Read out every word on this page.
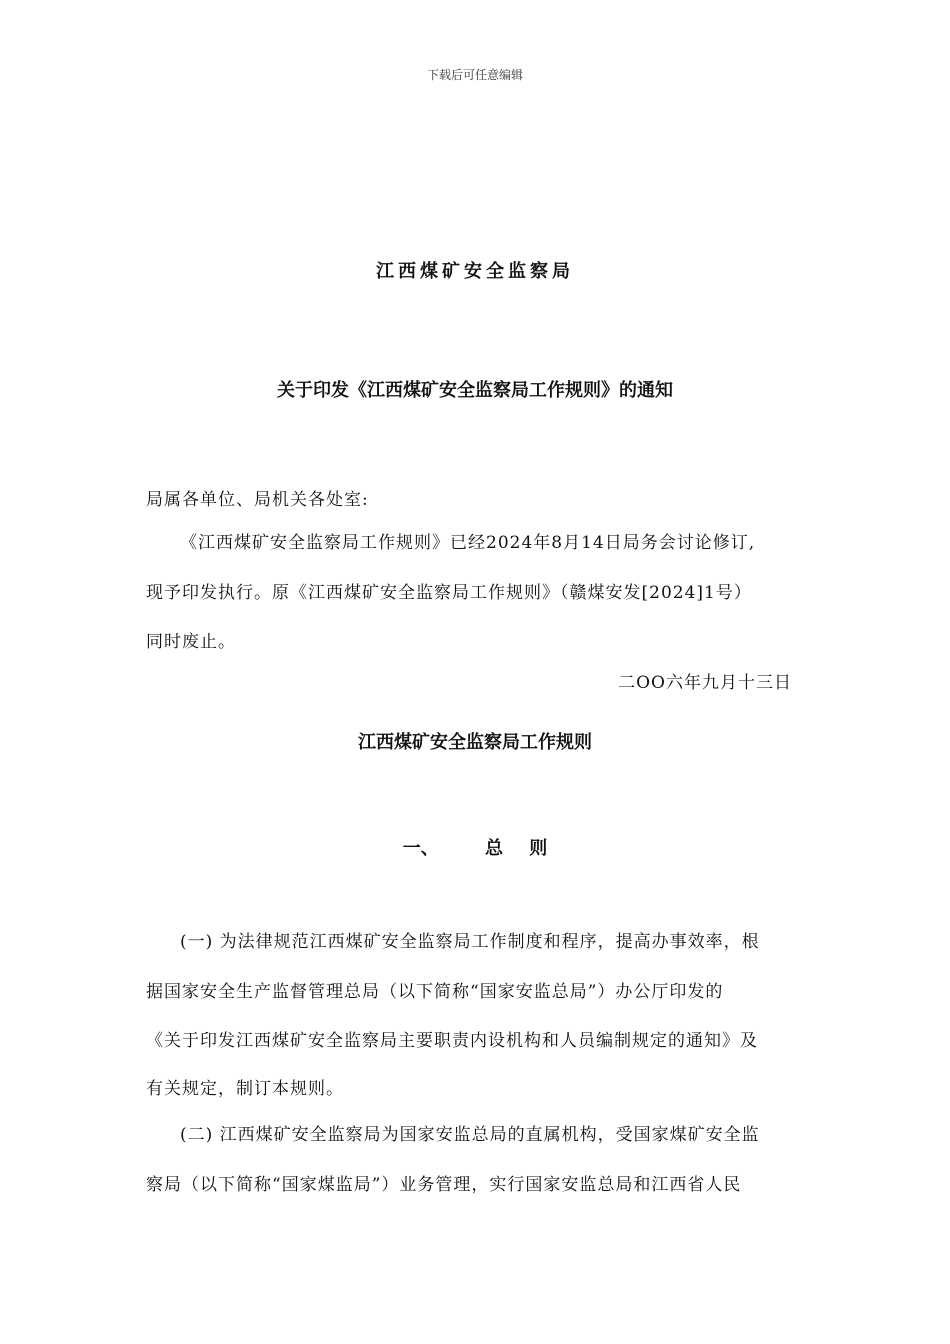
下载后可任意编辑
江西煤矿安全监察局
关于印发《江西煤矿安全监察局工作规则》的通知
局属各单位、局机关各处室:
《江西煤矿安全监察局工作规则》已经2024年8月14日局务会讨论修订,
现予印发执行。原《江西煤矿安全监察局工作规则》（赣煤安发[2024]1号）
同时废止。
二OO六年九月十三日
江西煤矿安全监察局工作规则
一、	总 则
(一) 为法律规范江西煤矿安全监察局工作制度和程序，提高办事效率，根
据国家安全生产监督管理总局（以下简称“国家安监总局”）办公厅印发的
《关于印发江西煤矿安全监察局主要职责内设机构和人员编制规定的通知》及
有关规定，制订本规则。
(二) 江西煤矿安全监察局为国家安监总局的直属机构，受国家煤矿安全监
察局（以下简称“国家煤监局”）业务管理，实行国家安监总局和江西省人民
